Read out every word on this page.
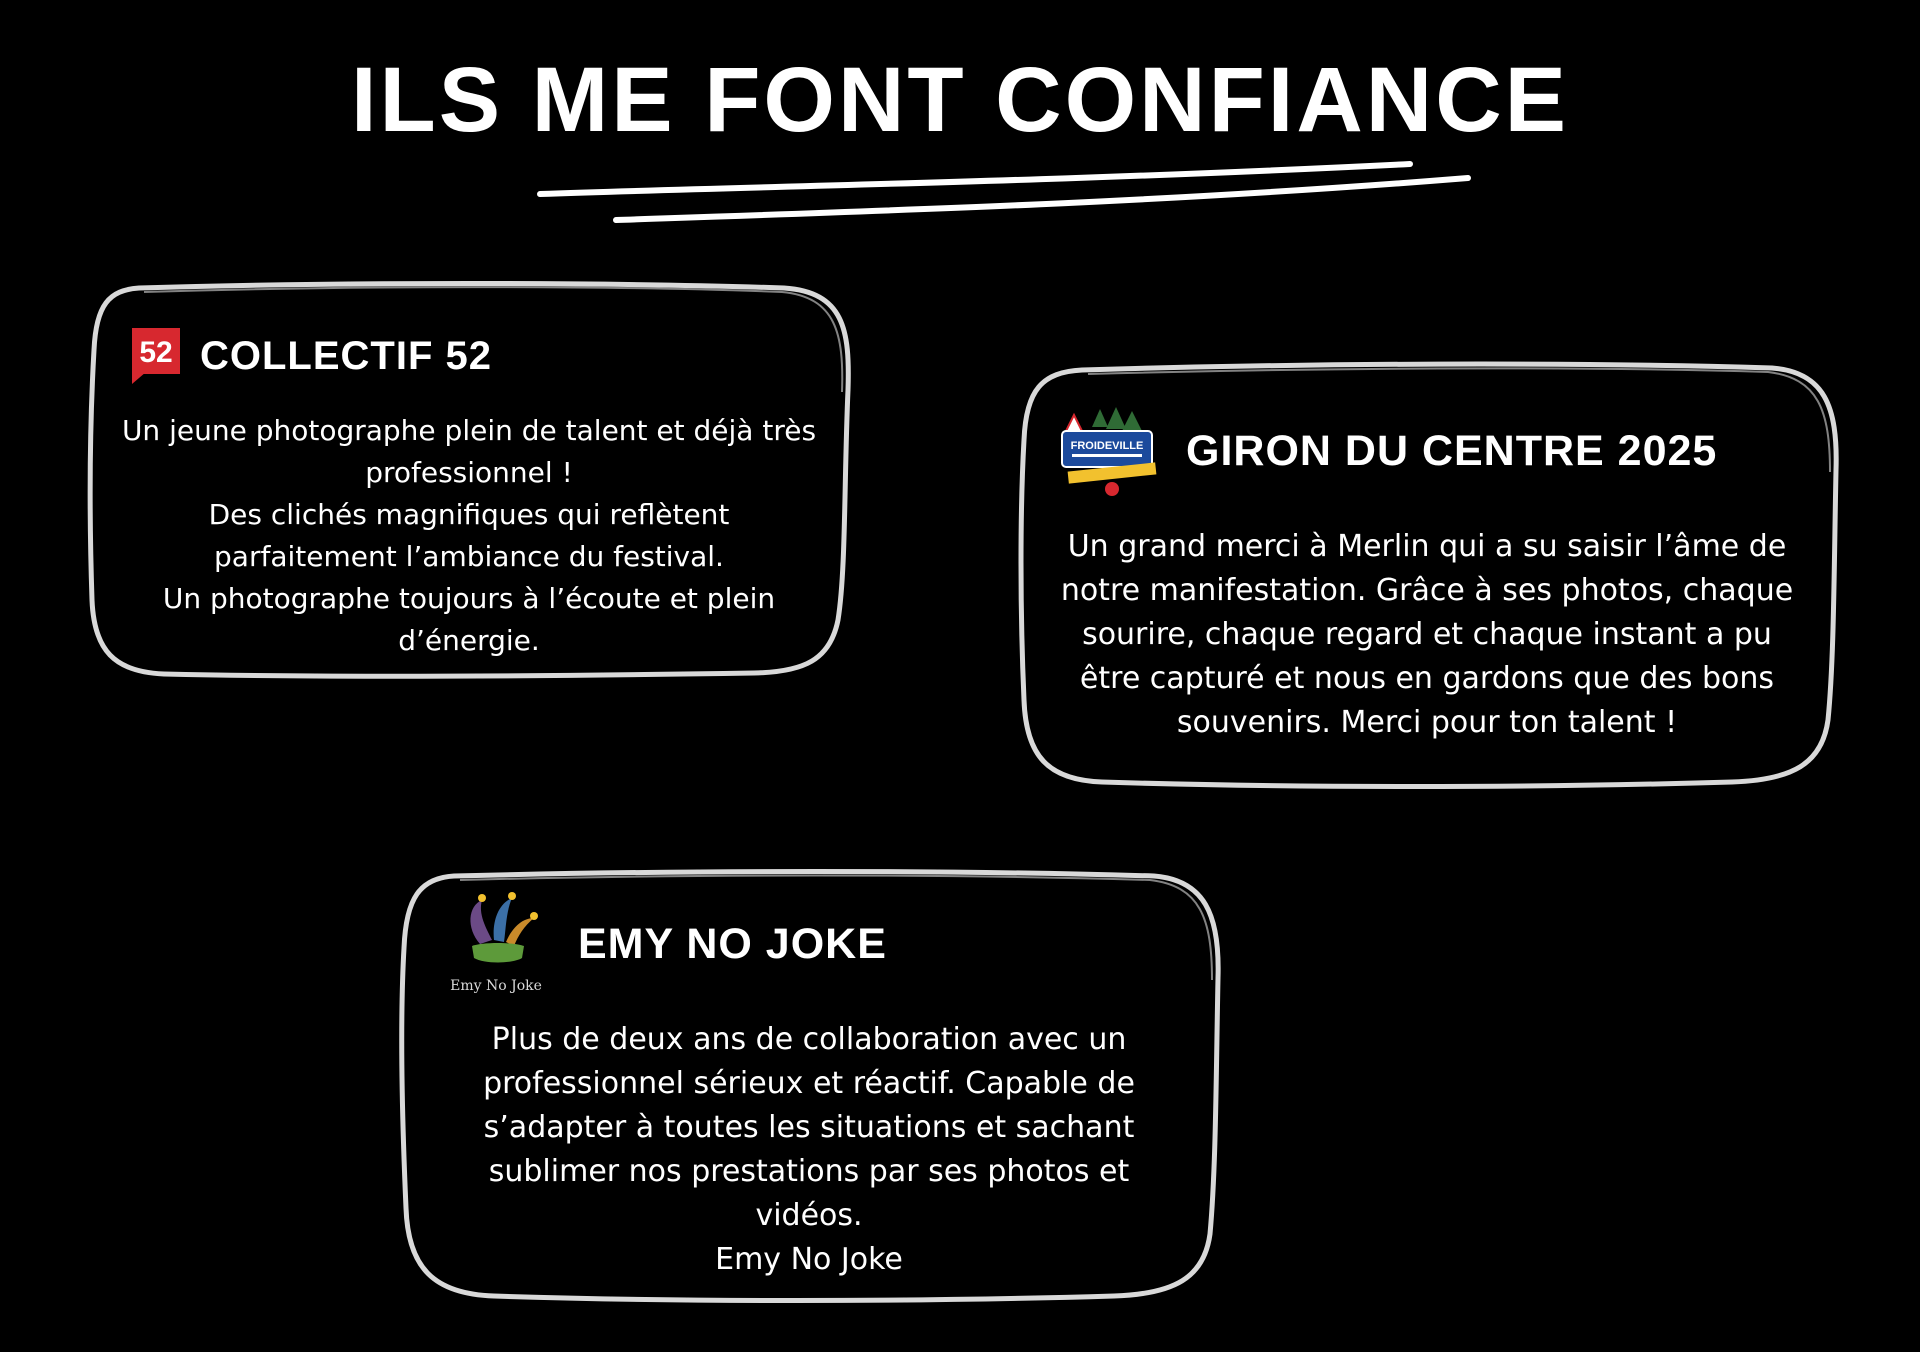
ILS ME FONT CONFIANCE
52 COLLECTIF 52

Un jeune photographe plein de talent et déjà très
professionnel !
Des clichés magnifiques qui reflètent
parfaitement l’ambiance du festival.
Un photographe toujours à l’écoute et plein
d’énergie.

FROIDEVILLE GIRON DU CENTRE 2025

Un grand merci à Merlin qui a su saisir l’âme de
notre manifestation. Grâce à ses photos, chaque
sourire, chaque regard et chaque instant a pu
être capturé et nous en gardons que des bons
souvenirs. Merci pour ton talent !

Emy No Joke
EMY NO JOKE

Plus de deux ans de collaboration avec un
professionnel sérieux et réactif. Capable de
s’adapter à toutes les situations et sachant
sublimer nos prestations par ses photos et
vidéos.
Emy No Joke
